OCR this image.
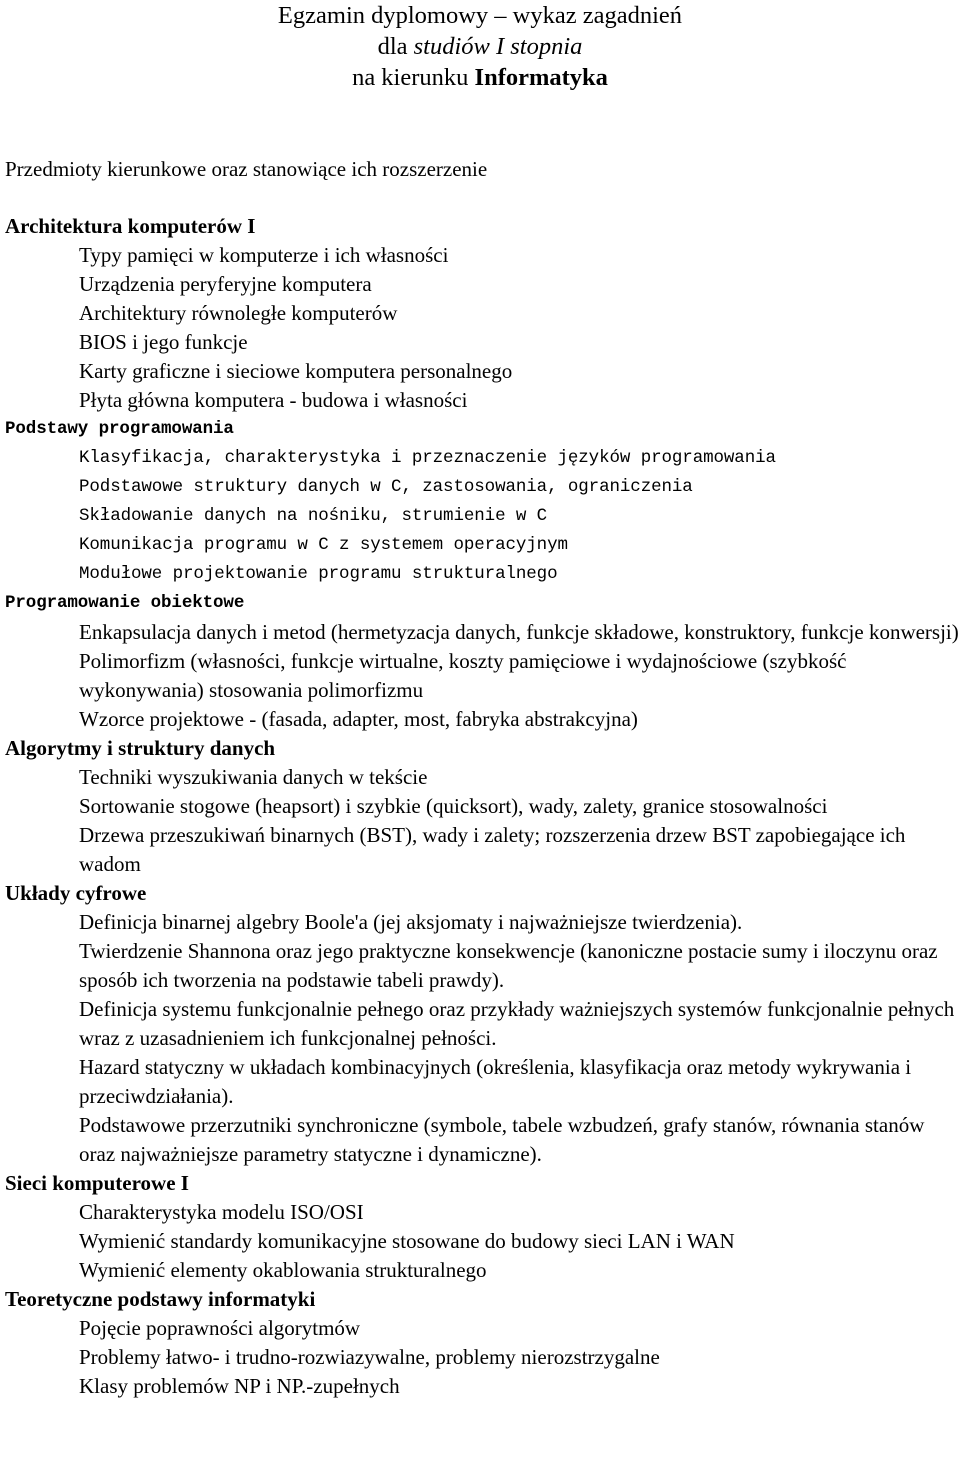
Egzamin dyplomowy – wykaz zagadnień
dla studiów I stopnia
na kierunku Informatyka
Przedmioty kierunkowe oraz stanowiące ich rozszerzenie
Architektura komputerów I
Typy pamięci w komputerze i ich własności
Urządzenia peryferyjne komputera
Architektury równoległe komputerów
BIOS i jego funkcje
Karty graficzne i sieciowe komputera personalnego
Płyta główna komputera - budowa i własności
Podstawy programowania
Klasyfikacja, charakterystyka i przeznaczenie języków programowania
Podstawowe struktury danych w C, zastosowania, ograniczenia
Składowanie danych na nośniku, strumienie w C
Komunikacja programu w C z systemem operacyjnym
Modułowe projektowanie programu strukturalnego
Programowanie obiektowe
Enkapsulacja danych i metod (hermetyzacja danych, funkcje składowe, konstruktory, funkcje konwersji)
Polimorfizm (własności, funkcje wirtualne, koszty pamięciowe i wydajnościowe (szybkość wykonywania) stosowania polimorfizmu
Wzorce projektowe - (fasada, adapter, most, fabryka abstrakcyjna)
Algorytmy i struktury danych
Techniki wyszukiwania danych w tekście
Sortowanie stogowe (heapsort) i szybkie (quicksort), wady, zalety, granice stosowalności
Drzewa przeszukiwań binarnych (BST), wady i zalety; rozszerzenia drzew BST zapobiegające ich wadom
Układy cyfrowe
Definicja binarnej algebry Boole'a (jej aksjomaty i najważniejsze twierdzenia).
Twierdzenie Shannona oraz jego praktyczne konsekwencje (kanoniczne postacie sumy i iloczynu oraz sposób ich tworzenia na podstawie tabeli prawdy).
Definicja systemu funkcjonalnie pełnego oraz przykłady ważniejszych systemów funkcjonalnie pełnych wraz z uzasadnieniem ich funkcjonalnej pełności.
Hazard statyczny w układach kombinacyjnych (określenia, klasyfikacja oraz metody wykrywania i przeciwdziałania).
Podstawowe przerzutniki synchroniczne (symbole, tabele wzbudzeń, grafy stanów, równania stanów oraz najważniejsze parametry statyczne i dynamiczne).
Sieci komputerowe I
Charakterystyka modelu ISO/OSI
Wymienić standardy komunikacyjne stosowane do budowy sieci LAN i WAN
Wymienić elementy okablowania strukturalnego
Teoretyczne podstawy informatyki
Pojęcie poprawności algorytmów
Problemy łatwo- i trudno-rozwiazywalne, problemy nierozstrzygalne
Klasy problemów NP i NP.-zupełnych
